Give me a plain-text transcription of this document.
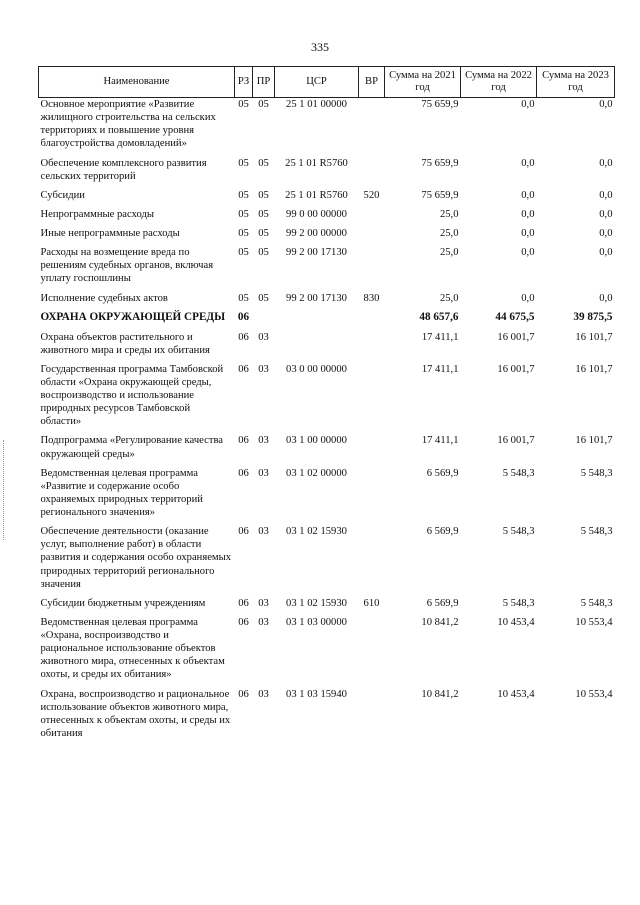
335
Наименование	РЗ	ПР	ЦСР	ВР	Сумма на 2021 год	Сумма на 2022 год	Сумма на 2023 год
Основное мероприятие «Развитие жилищного строительства на сельских территориях и повышение уровня благоустройства домовладений»	05	05	25 1 01 00000		75 659,9	0,0	0,0
Обеспечение комплексного развития сельских территорий	05	05	25 1 01 R5760		75 659,9	0,0	0,0
Субсидии	05	05	25 1 01 R5760	520	75 659,9	0,0	0,0
Непрограммные расходы	05	05	99 0 00 00000		25,0	0,0	0,0
Иные непрограммные расходы	05	05	99 2 00 00000		25,0	0,0	0,0
Расходы на возмещение вреда по решениям судебных органов, включая уплату госпошлины	05	05	99 2 00 17130		25,0	0,0	0,0
Исполнение судебных актов	05	05	99 2 00 17130	830	25,0	0,0	0,0
ОХРАНА ОКРУЖАЮЩЕЙ СРЕДЫ	06				48 657,6	44 675,5	39 875,5
Охрана объектов растительного и животного мира и среды их обитания	06	03			17 411,1	16 001,7	16 101,7
Государственная программа Тамбовской области «Охрана окружающей среды, воспроизводство и использование природных ресурсов Тамбовской области»	06	03	03 0 00 00000		17 411,1	16 001,7	16 101,7
Подпрограмма «Регулирование качества окружающей среды»	06	03	03 1 00 00000		17 411,1	16 001,7	16 101,7
Ведомственная целевая программа «Развитие и содержание особо охраняемых природных территорий регионального значения»	06	03	03 1 02 00000		6 569,9	5 548,3	5 548,3
Обеспечение деятельности (оказание услуг, выполнение работ) в области развития и содержания особо охраняемых природных территорий регионального значения	06	03	03 1 02 15930		6 569,9	5 548,3	5 548,3
Субсидии бюджетным учреждениям	06	03	03 1 02 15930	610	6 569,9	5 548,3	5 548,3
Ведомственная целевая программа «Охрана, воспроизводство и рациональное использование объектов животного мира, отнесенных к объектам охоты, и среды их обитания»	06	03	03 1 03 00000		10 841,2	10 453,4	10 553,4
Охрана, воспроизводство и рациональное использование объектов животного мира, отнесенных к объектам охоты, и среды их обитания	06	03	03 1 03 15940		10 841,2	10 453,4	10 553,4
